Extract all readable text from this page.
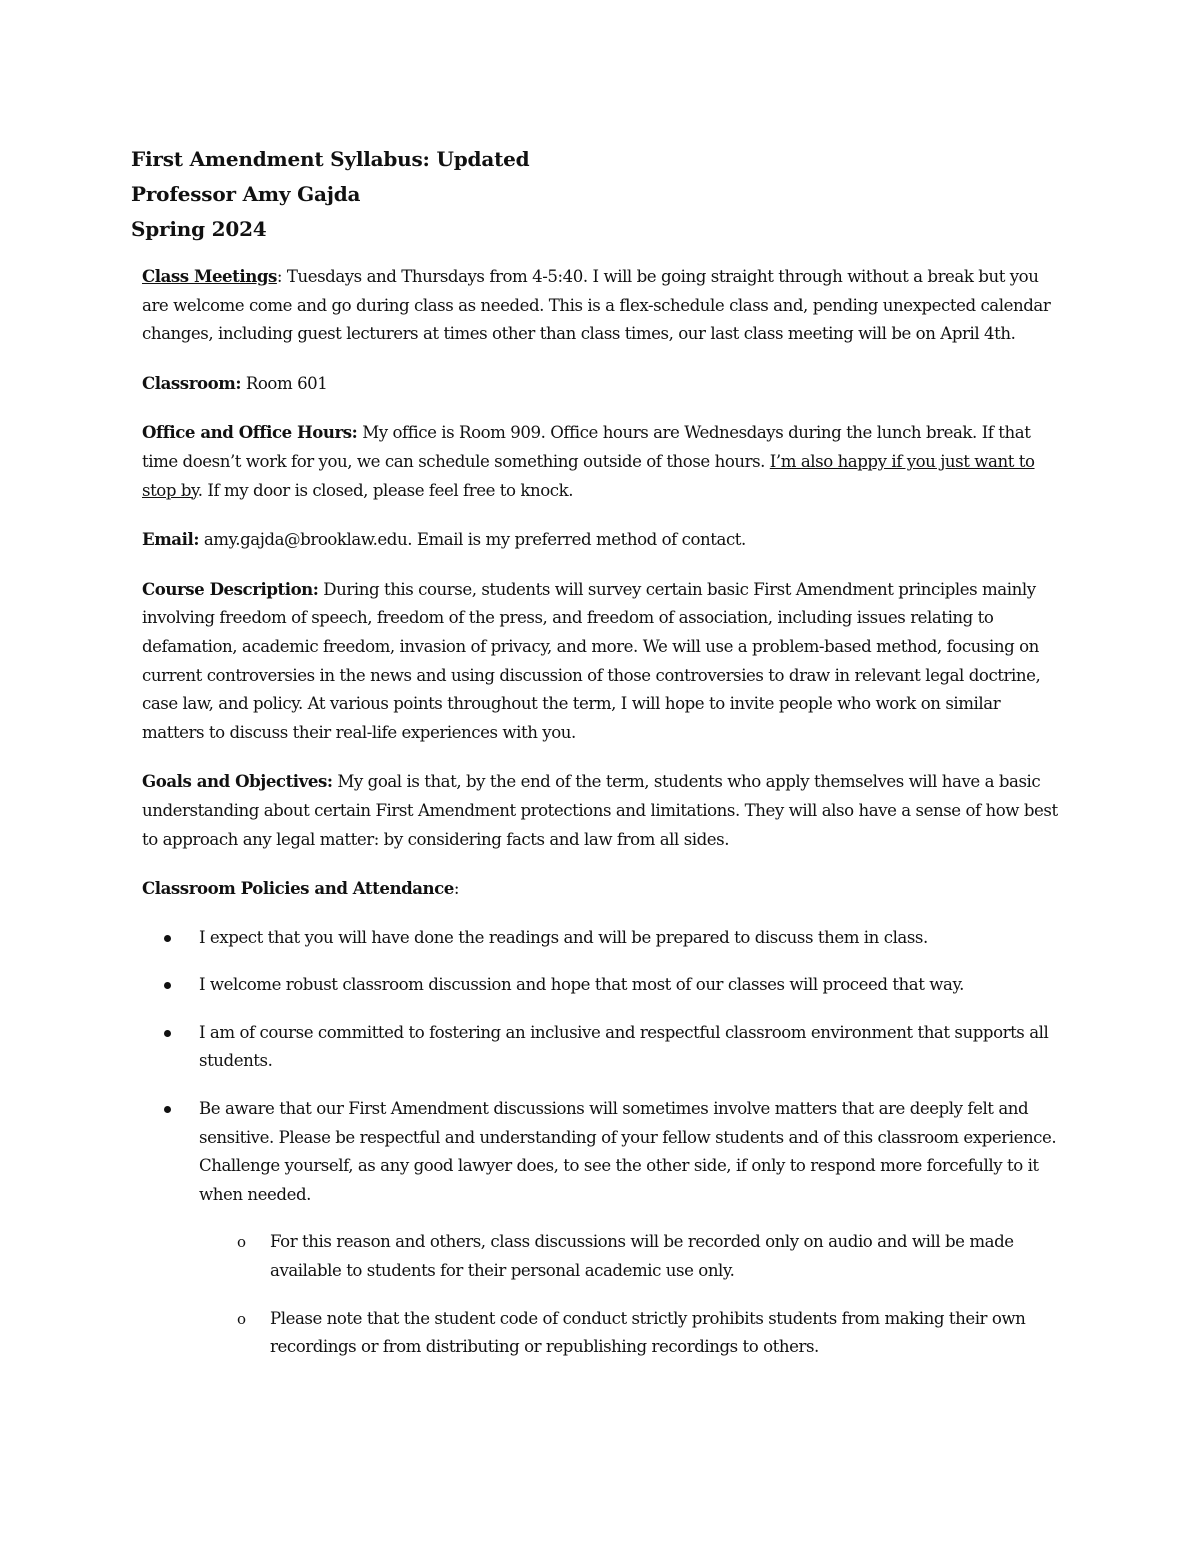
First Amendment Syllabus: Updated

Professor Amy Gajda

Spring 2024

Class Meetings: Tuesdays and Thursdays from 4-5:40. I will be going straight through without a break but you are welcome come and go during class as needed. This is a flex-schedule class and, pending unexpected calendar changes, including guest lecturers at times other than class times, our last class meeting will be on April 4th.

Classroom: Room 601

Office and Office Hours: My office is Room 909. Office hours are Wednesdays during the lunch break. If that time doesn’t work for you, we can schedule something outside of those hours. I’m also happy if you just want to stop by. If my door is closed, please feel free to knock.

Email: amy.gajda@brooklaw.edu. Email is my preferred method of contact.

Course Description: During this course, students will survey certain basic First Amendment principles mainly involving freedom of speech, freedom of the press, and freedom of association, including issues relating to defamation, academic freedom, invasion of privacy, and more. We will use a problem-based method, focusing on current controversies in the news and using discussion of those controversies to draw in relevant legal doctrine, case law, and policy. At various points throughout the term, I will hope to invite people who work on similar matters to discuss their real-life experiences with you.

Goals and Objectives: My goal is that, by the end of the term, students who apply themselves will have a basic understanding about certain First Amendment protections and limitations. They will also have a sense of how best to approach any legal matter: by considering facts and law from all sides.

Classroom Policies and Attendance:

I expect that you will have done the readings and will be prepared to discuss them in class.
I welcome robust classroom discussion and hope that most of our classes will proceed that way.
I am of course committed to fostering an inclusive and respectful classroom environment that supports all students.
Be aware that our First Amendment discussions will sometimes involve matters that are deeply felt and sensitive. Please be respectful and understanding of your fellow students and of this classroom experience. Challenge yourself, as any good lawyer does, to see the other side, if only to respond more forcefully to it when needed.
o For this reason and others, class discussions will be recorded only on audio and will be made available to students for their personal academic use only.
o Please note that the student code of conduct strictly prohibits students from making their own recordings or from distributing or republishing recordings to others.
